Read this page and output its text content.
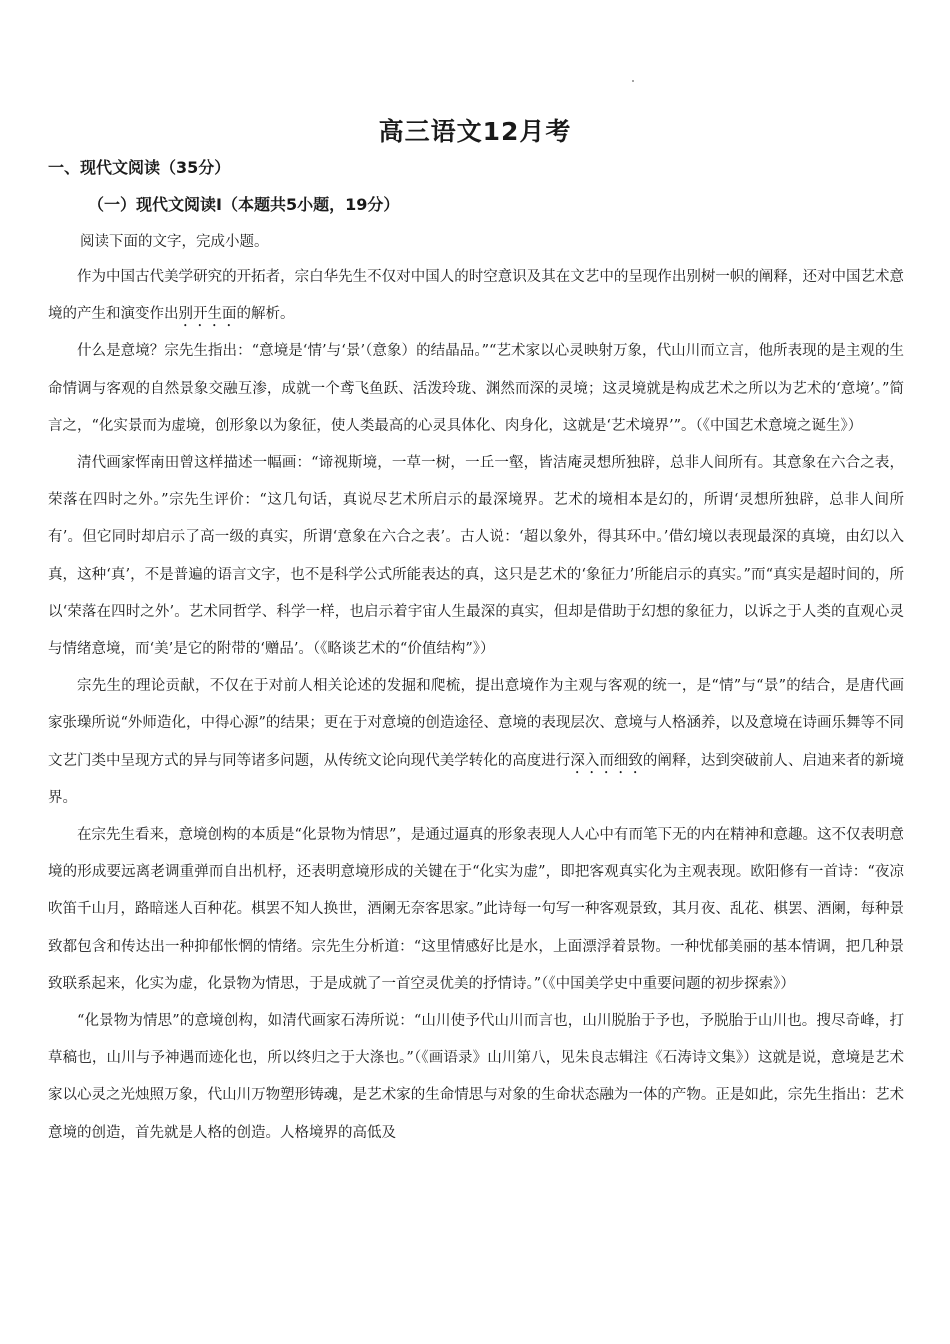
高三语文12月考
一、现代文阅读（35分）
（一）现代文阅读Ⅰ（本题共5小题，19分）
阅读下面的文字，完成小题。

作为中国古代美学研究的开拓者，宗白华先生不仅对中国人的时空意识及其在文艺中的呈现作出别树一帜的阐释，还对中国艺术意境的产生和演变作出别开生面的解析。

什么是意境？宗先生指出：“意境是‘情’与‘景’（意象）的结晶品。”“艺术家以心灵映射万象，代山川而立言，他所表现的是主观的生命情调与客观的自然景象交融互渗，成就一个鸢飞鱼跃、活泼玲珑、渊然而深的灵境；这灵境就是构成艺术之所以为艺术的‘意境’。”简言之，“化实景而为虚境，创形象以为象征，使人类最高的心灵具体化、肉身化，这就是‘艺术境界’”。（《中国艺术意境之诞生》）

清代画家恽南田曾这样描述一幅画：“谛视斯境，一草一树，一丘一壑，皆洁庵灵想所独辟，总非人间所有。其意象在六合之表，荣落在四时之外。”宗先生评价：“这几句话，真说尽艺术所启示的最深境界。艺术的境相本是幻的，所谓‘灵想所独辟，总非人间所有’。但它同时却启示了高一级的真实，所谓‘意象在六合之表’。古人说：‘超以象外，得其环中。’借幻境以表现最深的真境，由幻以入真，这种‘真’，不是普遍的语言文字，也不是科学公式所能表达的真，这只是艺术的‘象征力’所能启示的真实。”而“真实是超时间的，所以‘荣落在四时之外’。艺术同哲学、科学一样，也启示着宇宙人生最深的真实，但却是借助于幻想的象征力，以诉之于人类的直观心灵与情绪意境，而‘美’是它的附带的‘赠品’。（《略谈艺术的“价值结构”》）

宗先生的理论贡献，不仅在于对前人相关论述的发掘和爬梳，提出意境作为主观与客观的统一，是“情”与“景”的结合，是唐代画家张璪所说“外师造化，中得心源”的结果；更在于对意境的创造途径、意境的表现层次、意境与人格涵养，以及意境在诗画乐舞等不同文艺门类中呈现方式的异与同等诸多问题，从传统文论向现代美学转化的高度进行深入而细致的阐释，达到突破前人、启迪来者的新境界。

在宗先生看来，意境创构的本质是“化景物为情思”，是通过逼真的形象表现人人心中有而笔下无的内在精神和意趣。这不仅表明意境的形成要远离老调重弹而自出机杼，还表明意境形成的关键在于“化实为虚”，即把客观真实化为主观表现。欧阳修有一首诗：“夜凉吹笛千山月，路暗迷人百种花。棋罢不知人换世，酒阑无奈客思家。”此诗每一句写一种客观景致，其月夜、乱花、棋罢、酒阑，每种景致都包含和传达出一种抑郁怅惘的情绪。宗先生分析道：“这里情感好比是水，上面漂浮着景物。一种忧郁美丽的基本情调，把几种景致联系起来，化实为虚，化景物为情思，于是成就了一首空灵优美的抒情诗。”（《中国美学史中重要问题的初步探索》）

“化景物为情思”的意境创构，如清代画家石涛所说：“山川使予代山川而言也，山川脱胎于予也，予脱胎于山川也。搜尽奇峰，打草稿也，山川与予神遇而迹化也，所以终归之于大涤也。”（《画语录》山川第八，见朱良志辑注《石涛诗文集》）这就是说，意境是艺术家以心灵之光烛照万象，代山川万物塑形铸魂，是艺术家的生命情思与对象的生命状态融为一体的产物。正是如此，宗先生指出：艺术意境的创造，首先就是人格的创造。人格境界的高低及
